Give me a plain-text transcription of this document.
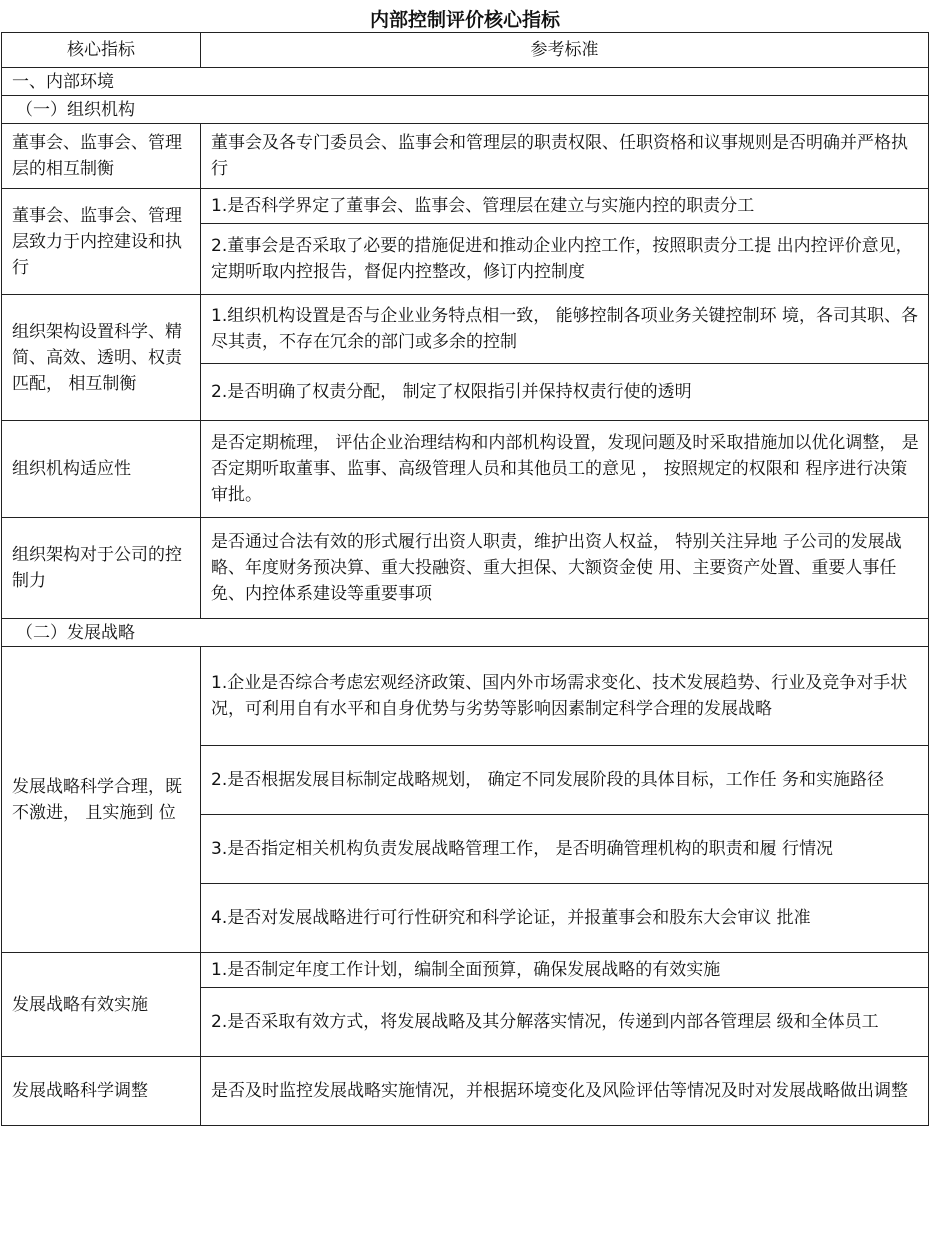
内部控制评价核心指标
核心指标	参考标准
一、内部环境	
（一）组织机构	
董事会、监事会、管理层的相互制衡	董事会及各专门委员会、监事会和管理层的职责权限、任职资格和议事规则是否明确并严格执行
董事会、监事会、管理层致力于内控建设和执行	1.是否科学界定了董事会、监事会、管理层在建立与实施内控的职责分工
	2.董事会是否采取了必要的措施促进和推动企业内控工作，按照职责分工提 出内控评价意见，定期听取内控报告，督促内控整改，修订内控制度
组织架构设置科学、精简、高效、透明、权责匹配， 相互制衡	1.组织机构设置是否与企业业务特点相一致， 能够控制各项业务关键控制环 境，各司其职、各尽其责，不存在冗余的部门或多余的控制
	2.是否明确了权责分配， 制定了权限指引并保持权责行使的透明
组织机构适应性	是否定期梳理， 评估企业治理结构和内部机构设置，发现问题及时采取措施加以优化调整， 是否定期听取董事、监事、高级管理人员和其他员工的意见 ， 按照规定的权限和 程序进行决策审批。
组织架构对于公司的控制力	是否通过合法有效的形式履行出资人职责，维护出资人权益， 特别关注异地 子公司的发展战略、年度财务预决算、重大投融资、重大担保、大额资金使 用、主要资产处置、重要人事任免、内控体系建设等重要事项
（二）发展战略	
发展战略科学合理，既不激进， 且实施到 位	1.企业是否综合考虑宏观经济政策、国内外市场需求变化、技术发展趋势、行业及竞争对手状况，可利用自有水平和自身优势与劣势等影响因素制定科学合理的发展战略
	2.是否根据发展目标制定战略规划， 确定不同发展阶段的具体目标，工作任 务和实施路径
	3.是否指定相关机构负责发展战略管理工作， 是否明确管理机构的职责和履 行情况
	4.是否对发展战略进行可行性研究和科学论证，并报董事会和股东大会审议 批准
发展战略有效实施	1.是否制定年度工作计划，编制全面预算，确保发展战略的有效实施
	2.是否采取有效方式，将发展战略及其分解落实情况，传递到内部各管理层 级和全体员工
发展战略科学调整	是否及时监控发展战略实施情况，并根据环境变化及风险评估等情况及时对发展战略做出调整
